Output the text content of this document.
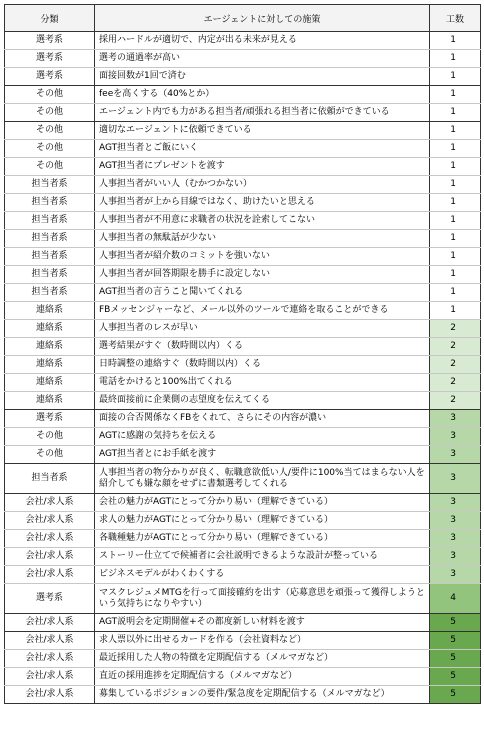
分類	エージェントに対しての施策	工数
選考系	採用ハードルが適切で、内定が出る未来が見える	1
選考系	選考の通過率が高い	1
選考系	面接回数が1回で済む	1
その他	feeを高くする（40%とか）	1
その他	エージェント内でも力がある担当者/頑張れる担当者に依頼ができている	1
その他	適切なエージェントに依頼できている	1
その他	AGT担当者とご飯にいく	1
その他	AGT担当者にプレゼントを渡す	1
担当者系	人事担当者がいい人（むかつかない）	1
担当者系	人事担当者が上から目線ではなく、助けたいと思える	1
担当者系	人事担当者が不用意に求職者の状況を詮索してこない	1
担当者系	人事担当者の無駄話が少ない	1
担当者系	人事担当者が紹介数のコミットを強いない	1
担当者系	人事担当者が回答期限を勝手に設定しない	1
担当者系	AGT担当者の言うこと聞いてくれる	1
連絡系	FBメッセンジャーなど、メール以外のツールで連絡を取ることができる	1
連絡系	人事担当者のレスが早い	2
連絡系	選考結果がすぐ（数時間以内）くる	2
連絡系	日時調整の連絡すぐ（数時間以内）くる	2
連絡系	電話をかけると100%出てくれる	2
連絡系	最終面接前に企業側の志望度を伝えてくる	2
選考系	面接の合否関係なくFBをくれて、さらにその内容が濃い	3
その他	AGTに感謝の気持ちを伝える	3
その他	AGT担当者とにお手紙を渡す	3
担当者系	人事担当者の物分かりが良く、転職意欲低い人/要件に100%当てはまらない人を紹介しても嫌な顔をせずに書類選考してくれる	3
会社/求人系	会社の魅力がAGTにとって分かり易い（理解できている）	3
会社/求人系	求人の魅力がAGTにとって分かり易い（理解できている）	3
会社/求人系	各職種魅力がAGTにとって分かり易い（理解できている）	3
会社/求人系	ストーリー仕立てで候補者に会社説明できるような設計が整っている	3
会社/求人系	ビジネスモデルがわくわくする	3
選考系	マスクレジュメMTGを行って面接確約を出す（応募意思を頑張って獲得しようという気持ちになりやすい）	4
会社/求人系	AGT説明会を定期開催+その都度新しい材料を渡す	5
会社/求人系	求人票以外に出せるカードを作る（会社資料など）	5
会社/求人系	最近採用した人物の特徴を定期配信する（メルマガなど）	5
会社/求人系	直近の採用進捗を定期配信する（メルマガなど）	5
会社/求人系	募集しているポジションの要件/緊急度を定期配信する（メルマガなど）	5
